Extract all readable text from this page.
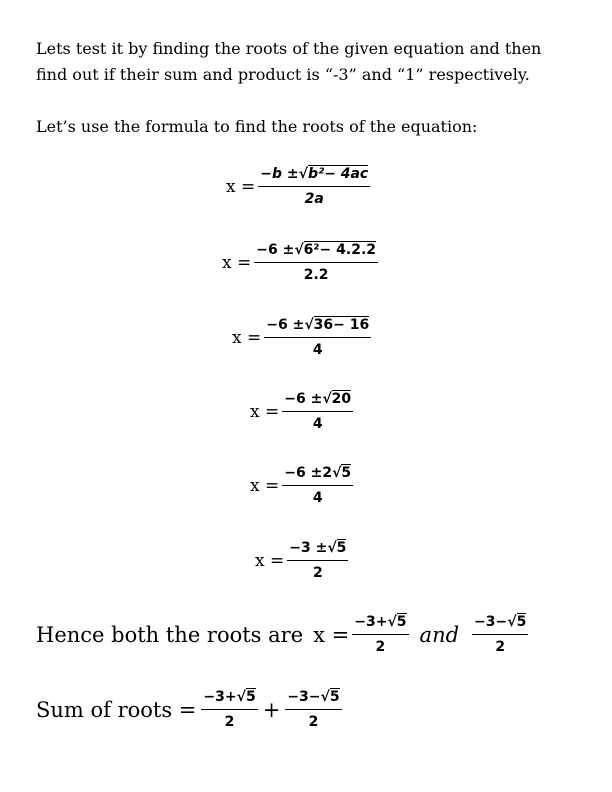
Lets test it by finding the roots of the given equation and then
find out if their sum and product is “-3” and “1” respectively.
Let’s use the formula to find the roots of the equation:
$x = \frac{\text{−b ±√b²− 4ac}}{2a}$
$x = \frac{\text{−6 ±√6²− 4.2.2}}{2.2}$
$x = \frac{-6 \pm√36- 16}{4}$
$x = \frac{-6 \pm√20}{4}$
$x = \frac{-6 \pm 2√5}{4}$
$x = \frac{-3 \pm√5}{2}$
Hence both the roots are $x = \frac{-3+√5}{2}$ and $\frac{-3-√5}{2}$
Sum of roots = $\frac{-3+√5}{2} + \frac{-3-√5}{2}$
